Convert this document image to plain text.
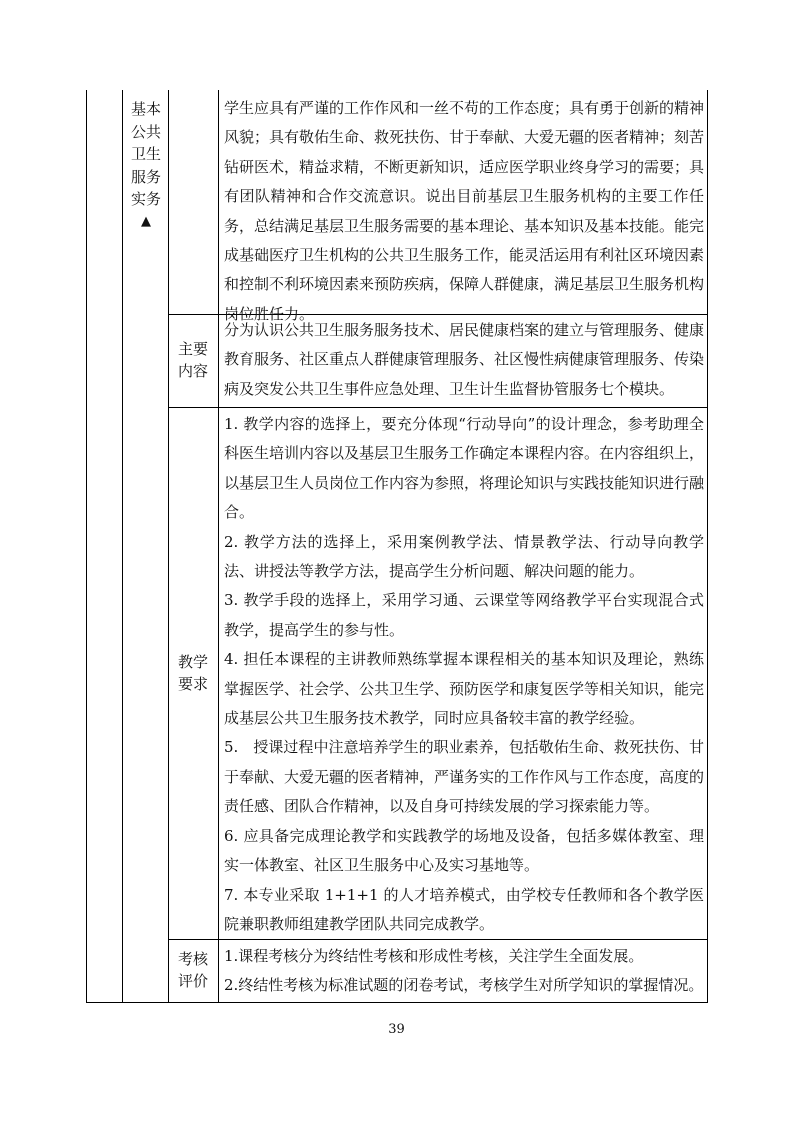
基本
公共
卫生
服务
实务
▲

学生应具有严谨的工作作风和一丝不苟的工作态度；具有勇于创新的精神风貌；具有敬佑生命、救死扶伤、甘于奉献、大爱无疆的医者精神；刻苦钻研医术，精益求精，不断更新知识，适应医学职业终身学习的需要；具有团队精神和合作交流意识。说出目前基层卫生服务机构的主要工作任务，总结满足基层卫生服务需要的基本理论、基本知识及基本技能。能完成基础医疗卫生机构的公共卫生服务工作，能灵活运用有利社区环境因素和控制不利环境因素来预防疾病，保障人群健康，满足基层卫生服务机构岗位胜任力。

主要
内容

分为认识公共卫生服务服务技术、居民健康档案的建立与管理服务、健康教育服务、社区重点人群健康管理服务、社区慢性病健康管理服务、传染病及突发公共卫生事件应急处理、卫生计生监督协管服务七个模块。

教学
要求

1. 教学内容的选择上，要充分体现“行动导向”的设计理念，参考助理全科医生培训内容以及基层卫生服务工作确定本课程内容。在内容组织上，以基层卫生人员岗位工作内容为参照，将理论知识与实践技能知识进行融合。

2. 教学方法的选择上，采用案例教学法、情景教学法、行动导向教学法、讲授法等教学方法，提高学生分析问题、解决问题的能力。

3. 教学手段的选择上，采用学习通、云课堂等网络教学平台实现混合式教学，提高学生的参与性。

4. 担任本课程的主讲教师熟练掌握本课程相关的基本知识及理论，熟练掌握医学、社会学、公共卫生学、预防医学和康复医学等相关知识，能完成基层公共卫生服务技术教学，同时应具备较丰富的教学经验。

5.　授课过程中注意培养学生的职业素养，包括敬佑生命、救死扶伤、甘于奉献、大爱无疆的医者精神，严谨务实的工作作风与工作态度，高度的责任感、团队合作精神，以及自身可持续发展的学习探索能力等。

6. 应具备完成理论教学和实践教学的场地及设备，包括多媒体教室、理实一体教室、社区卫生服务中心及实习基地等。

7. 本专业采取 1+1+1 的人才培养模式，由学校专任教师和各个教学医院兼职教师组建教学团队共同完成教学。

考核
评价

1.课程考核分为终结性考核和形成性考核，关注学生全面发展。

2.终结性考核为标准试题的闭卷考试，考核学生对所学知识的掌握情况。

39
